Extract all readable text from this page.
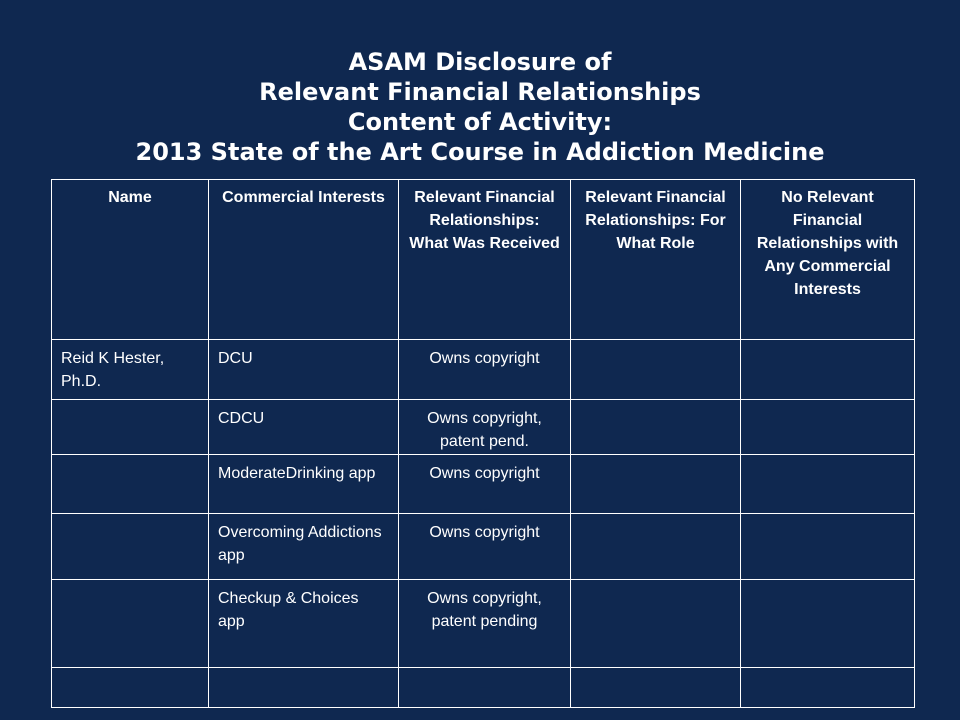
ASAM Disclosure of
Relevant Financial Relationships
Content of Activity:
2013 State of the Art Course in Addiction Medicine
Name	Commercial Interests	Relevant Financial Relationships: What Was Received	Relevant Financial Relationships: For What Role	No Relevant Financial Relationships with Any Commercial Interests
Reid K Hester, Ph.D.	DCU	Owns copyright		
	CDCU	Owns copyright, patent pend.		
	ModerateDrinking app	Owns copyright		
	Overcoming Addictions app	Owns copyright		
	Checkup & Choices app	Owns copyright, patent pending		
